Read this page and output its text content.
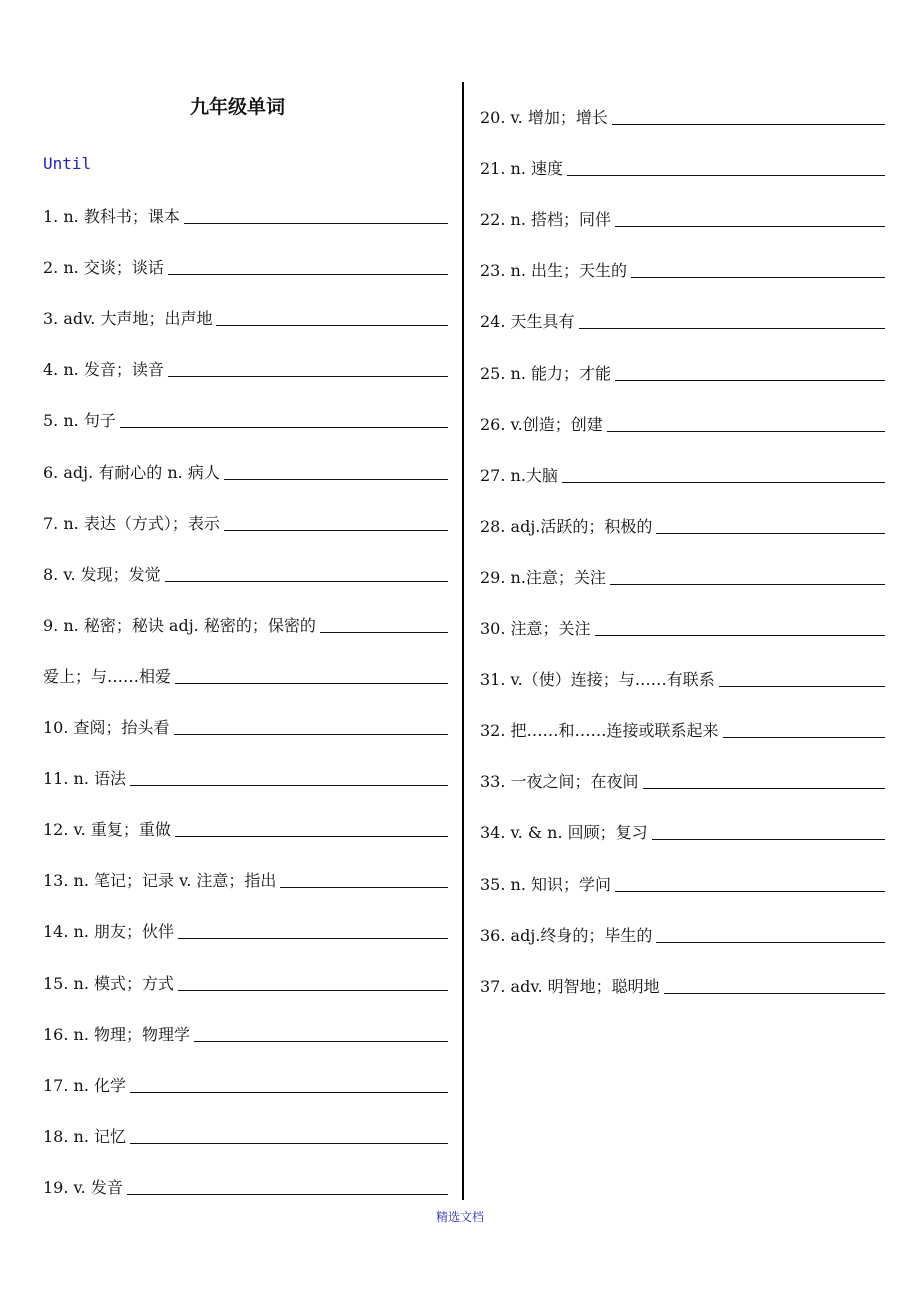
九年级单词
Until
1. n. 教科书；课本
2. n. 交谈；谈话
3. adv. 大声地；出声地
4. n. 发音；读音
5. n. 句子
6. adj. 有耐心的 n. 病人
7. n. 表达（方式）；表示
8. v. 发现；发觉
9. n. 秘密；秘诀 adj. 秘密的；保密的
爱上；与……相爱
10. 查阅；抬头看
11. n. 语法
12. v. 重复；重做
13. n. 笔记；记录 v. 注意；指出
14. n. 朋友；伙伴
15. n. 模式；方式
16. n. 物理；物理学
17. n. 化学
18. n. 记忆
19. v. 发音
20. v. 增加；增长
21. n. 速度
22. n. 搭档；同伴
23. n. 出生；天生的
24. 天生具有
25. n. 能力；才能
26. v.创造；创建
27. n.大脑
28. adj.活跃的；积极的
29. n.注意；关注
30. 注意；关注
31. v.（使）连接；与……有联系
32. 把……和……连接或联系起来
33. 一夜之间；在夜间
34. v. & n. 回顾；复习
35. n. 知识；学问
36. adj.终身的；毕生的
37. adv. 明智地；聪明地
精选文档
